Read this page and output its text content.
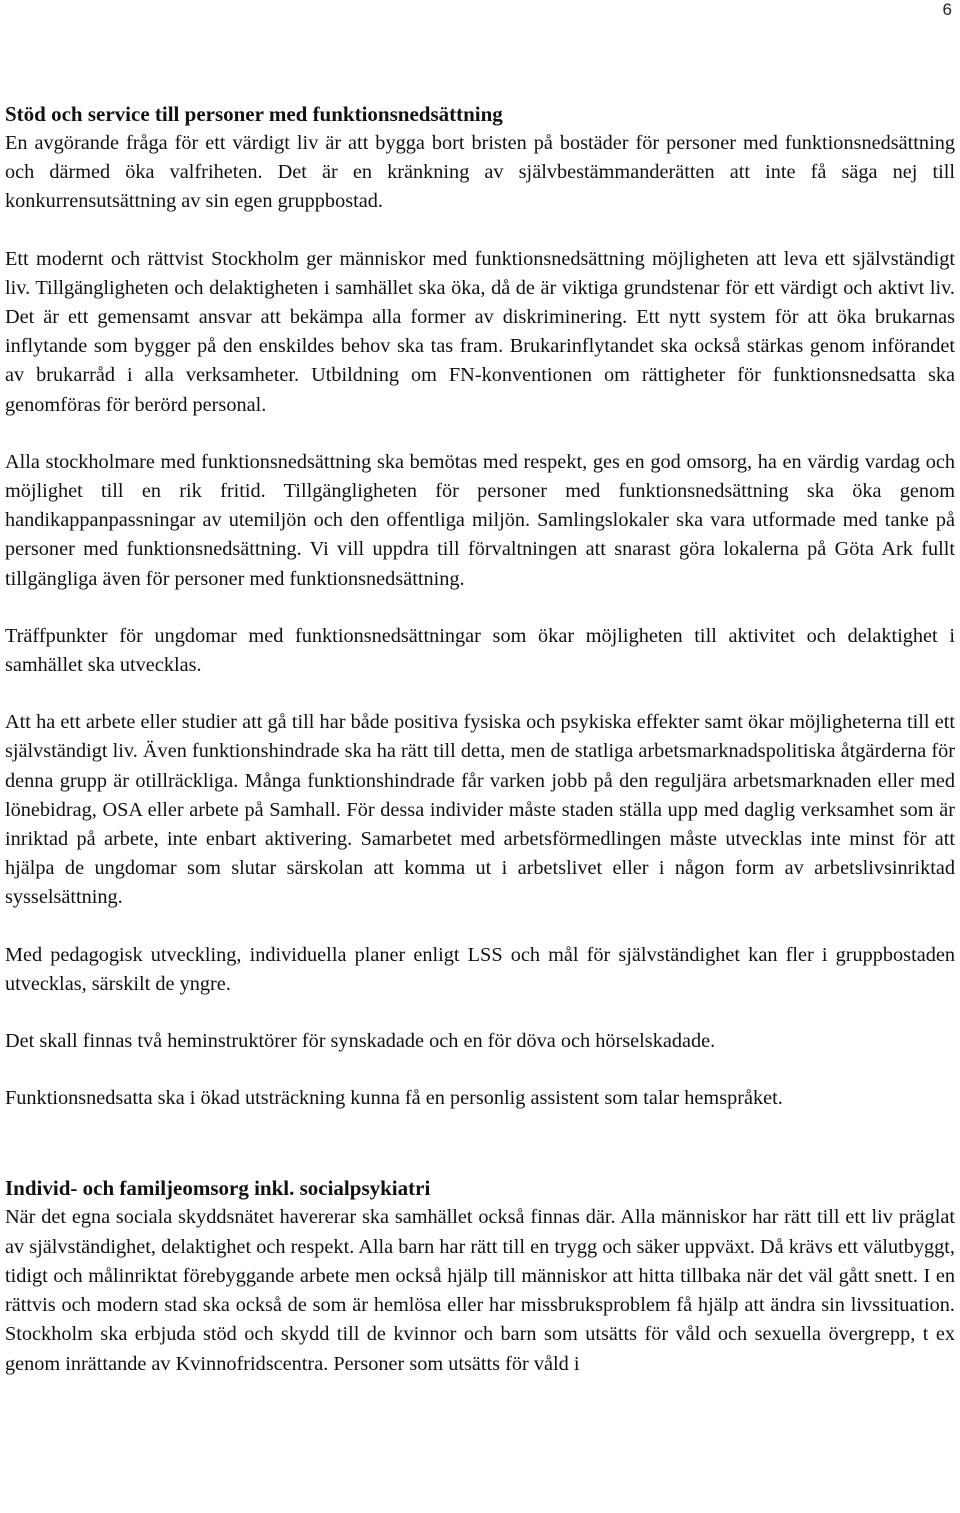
6
Stöd och service till personer med funktionsnedsättning

En avgörande fråga för ett värdigt liv är att bygga bort bristen på bostäder för personer med funktionsnedsättning och därmed öka valfriheten. Det är en kränkning av självbestämmanderätten att inte få säga nej till konkurrensutsättning av sin egen gruppbostad.

Ett modernt och rättvist Stockholm ger människor med funktionsnedsättning möjligheten att leva ett självständigt liv. Tillgängligheten och delaktigheten i samhället ska öka, då de är viktiga grundstenar för ett värdigt och aktivt liv. Det är ett gemensamt ansvar att bekämpa alla former av diskriminering. Ett nytt system för att öka brukarnas inflytande som bygger på den enskildes behov ska tas fram. Brukarinflytandet ska också stärkas genom införandet av brukarråd i alla verksamheter. Utbildning om FN-konventionen om rättigheter för funktionsnedsatta ska genomföras för berörd personal.

Alla stockholmare med funktionsnedsättning ska bemötas med respekt, ges en god omsorg, ha en värdig vardag och möjlighet till en rik fritid. Tillgängligheten för personer med funktionsnedsättning ska öka genom handikappanpassningar av utemiljön och den offentliga miljön. Samlingslokaler ska vara utformade med tanke på personer med funktionsnedsättning. Vi vill uppdra till förvaltningen att snarast göra lokalerna på Göta Ark fullt tillgängliga även för personer med funktionsnedsättning.

Träffpunkter för ungdomar med funktionsnedsättningar som ökar möjligheten till aktivitet och delaktighet i samhället ska utvecklas.

Att ha ett arbete eller studier att gå till har både positiva fysiska och psykiska effekter samt ökar möjligheterna till ett självständigt liv. Även funktionshindrade ska ha rätt till detta, men de statliga arbetsmarknadspolitiska åtgärderna för denna grupp är otillräckliga. Många funktionshindrade får varken jobb på den reguljära arbetsmarknaden eller med lönebidrag, OSA eller arbete på Samhall. För dessa individer måste staden ställa upp med daglig verksamhet som är inriktad på arbete, inte enbart aktivering. Samarbetet med arbetsförmedlingen måste utvecklas inte minst för att hjälpa de ungdomar som slutar särskolan att komma ut i arbetslivet eller i någon form av arbetslivsinriktad sysselsättning.

Med pedagogisk utveckling, individuella planer enligt LSS och mål för självständighet kan fler i gruppbostaden utvecklas, särskilt de yngre.

Det skall finnas två heminstruktörer för synskadade och en för döva och hörselskadade.

Funktionsnedsatta ska i ökad utsträckning kunna få en personlig assistent som talar hemspråket.

Individ- och familjeomsorg inkl. socialpsykiatri

När det egna sociala skyddsnätet havererar ska samhället också finnas där. Alla människor har rätt till ett liv präglat av självständighet, delaktighet och respekt. Alla barn har rätt till en trygg och säker uppväxt. Då krävs ett välutbyggt, tidigt och målinriktat förebyggande arbete men också hjälp till människor att hitta tillbaka när det väl gått snett. I en rättvis och modern stad ska också de som är hemlösa eller har missbruksproblem få hjälp att ändra sin livssituation. Stockholm ska erbjuda stöd och skydd till de kvinnor och barn som utsätts för våld och sexuella övergrepp, t ex genom inrättande av Kvinnofridscentra. Personer som utsätts för våld i
